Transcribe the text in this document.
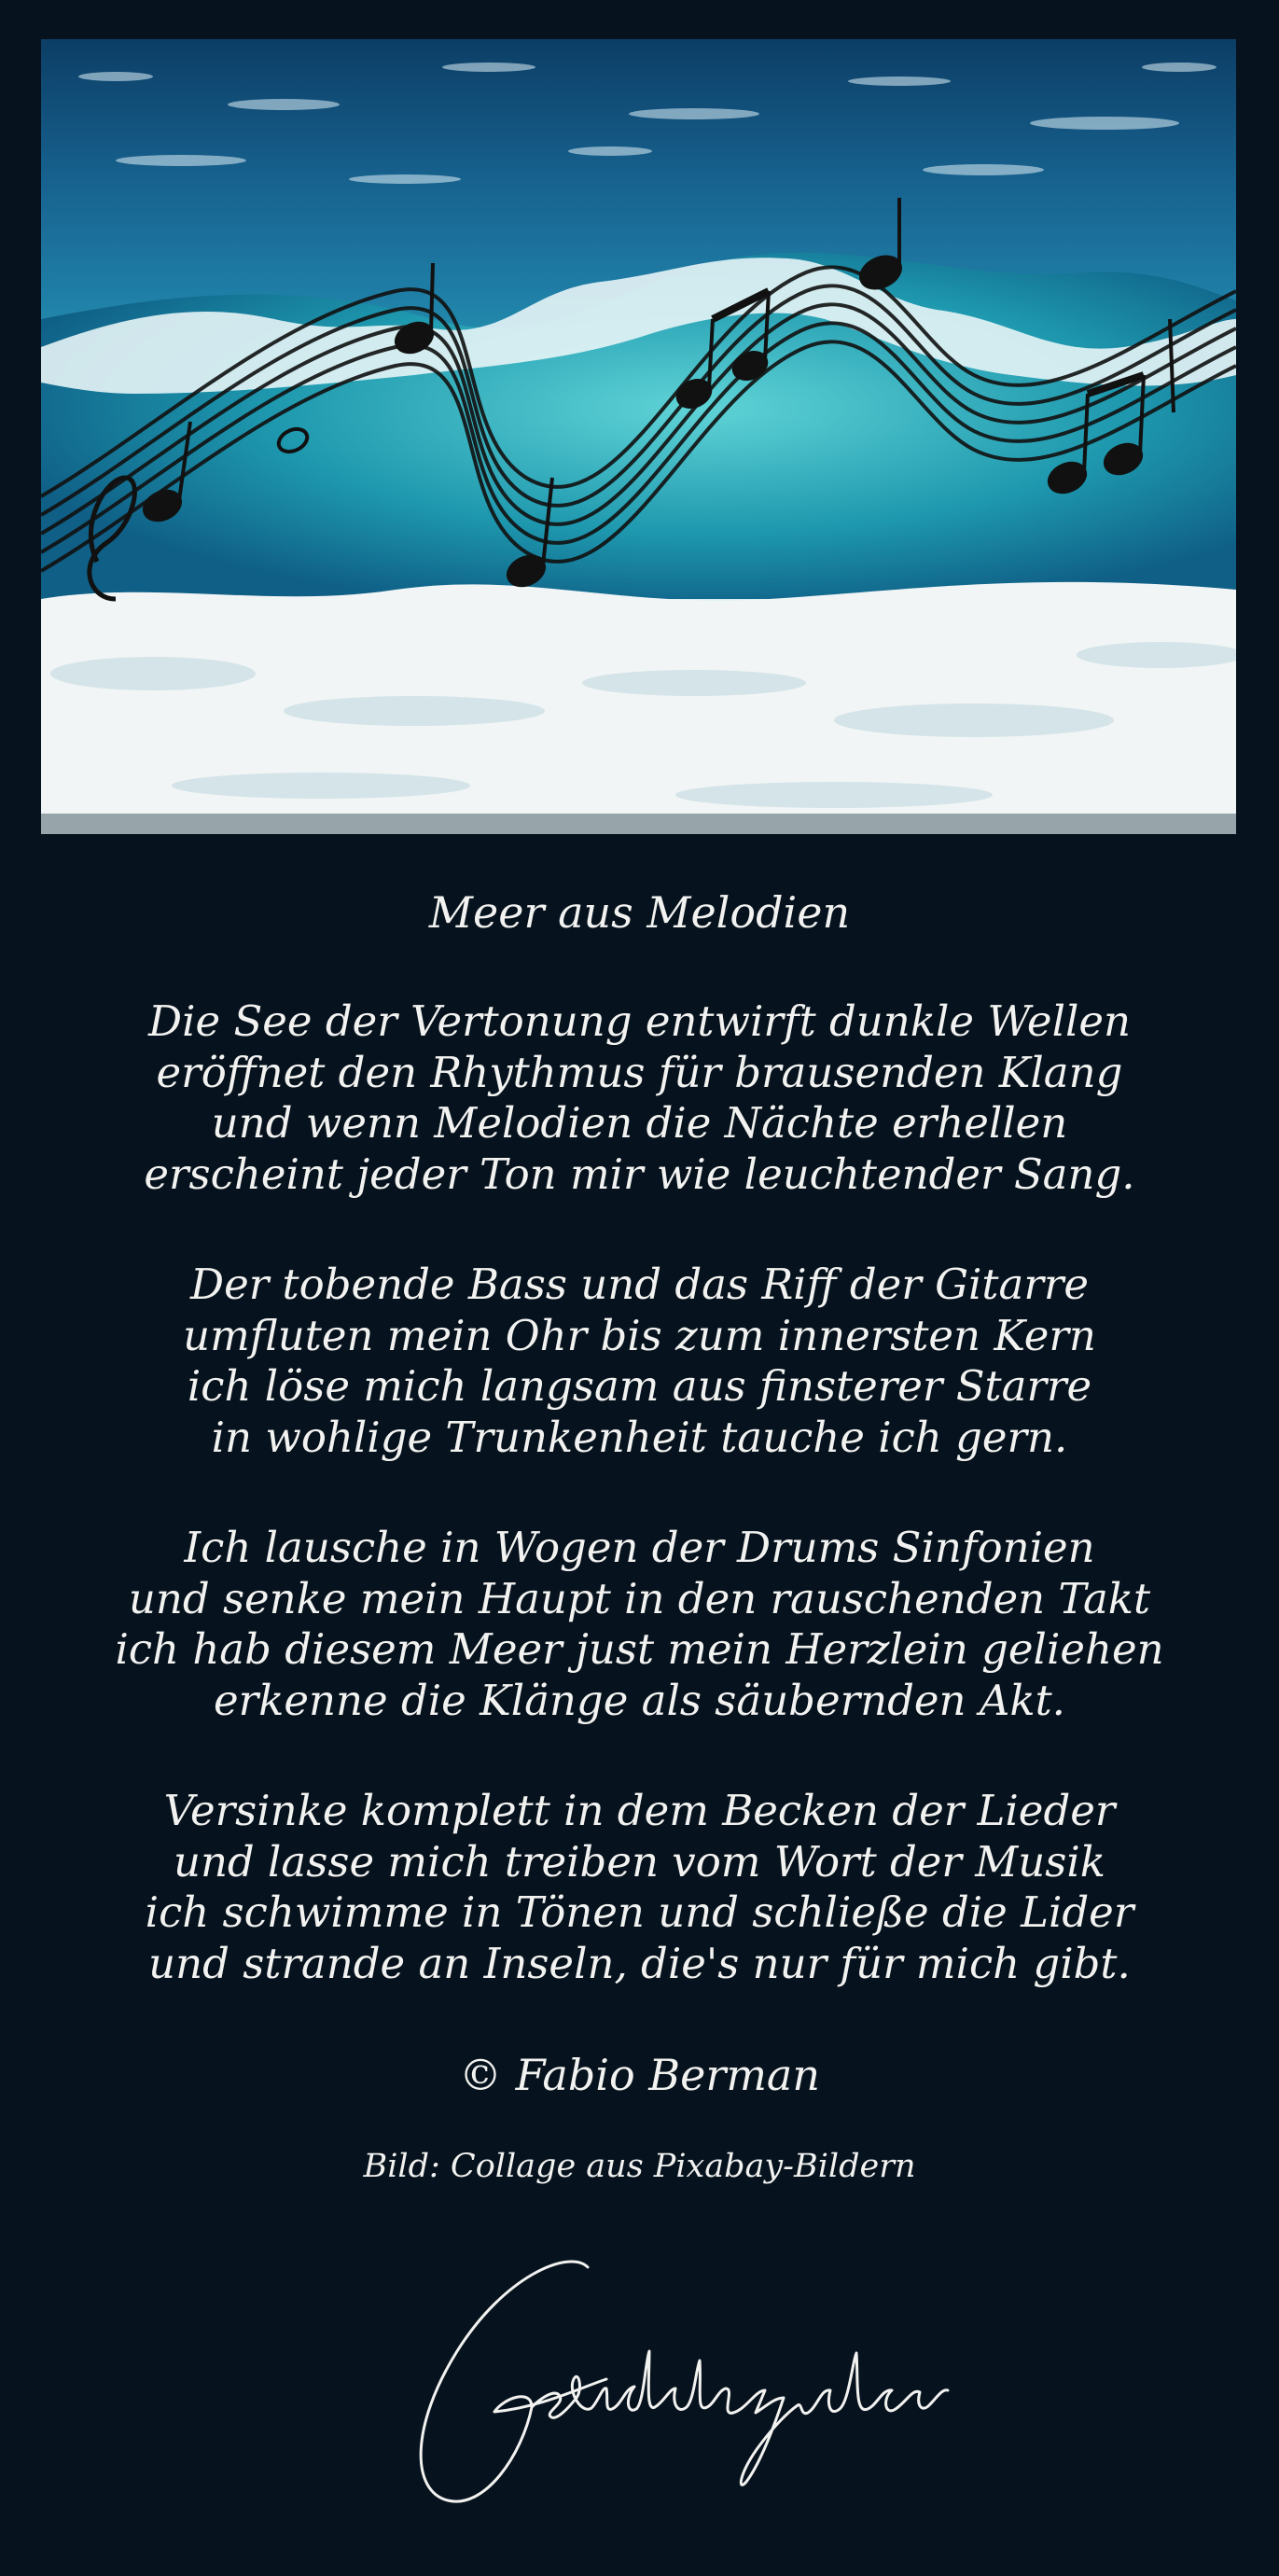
Meer aus Melodien
Die See der Vertonung entwirft dunkle Wellen
eröffnet den Rhythmus für brausenden Klang
und wenn Melodien die Nächte erhellen
erscheint jeder Ton mir wie leuchtender Sang.
Der tobende Bass und das Riff der Gitarre
umfluten mein Ohr bis zum innersten Kern
ich löse mich langsam aus finsterer Starre
in wohlige Trunkenheit tauche ich gern.
Ich lausche in Wogen der Drums Sinfonien
und senke mein Haupt in den rauschenden Takt
ich hab diesem Meer just mein Herzlein geliehen
erkenne die Klänge als säubernden Akt.
Versinke komplett in dem Becken der Lieder
und lasse mich treiben vom Wort der Musik
ich schwimme in Tönen und schließe die Lider
und strande an Inseln, die's nur für mich gibt.
© Fabio Berman
Bild: Collage aus Pixabay-Bildern
